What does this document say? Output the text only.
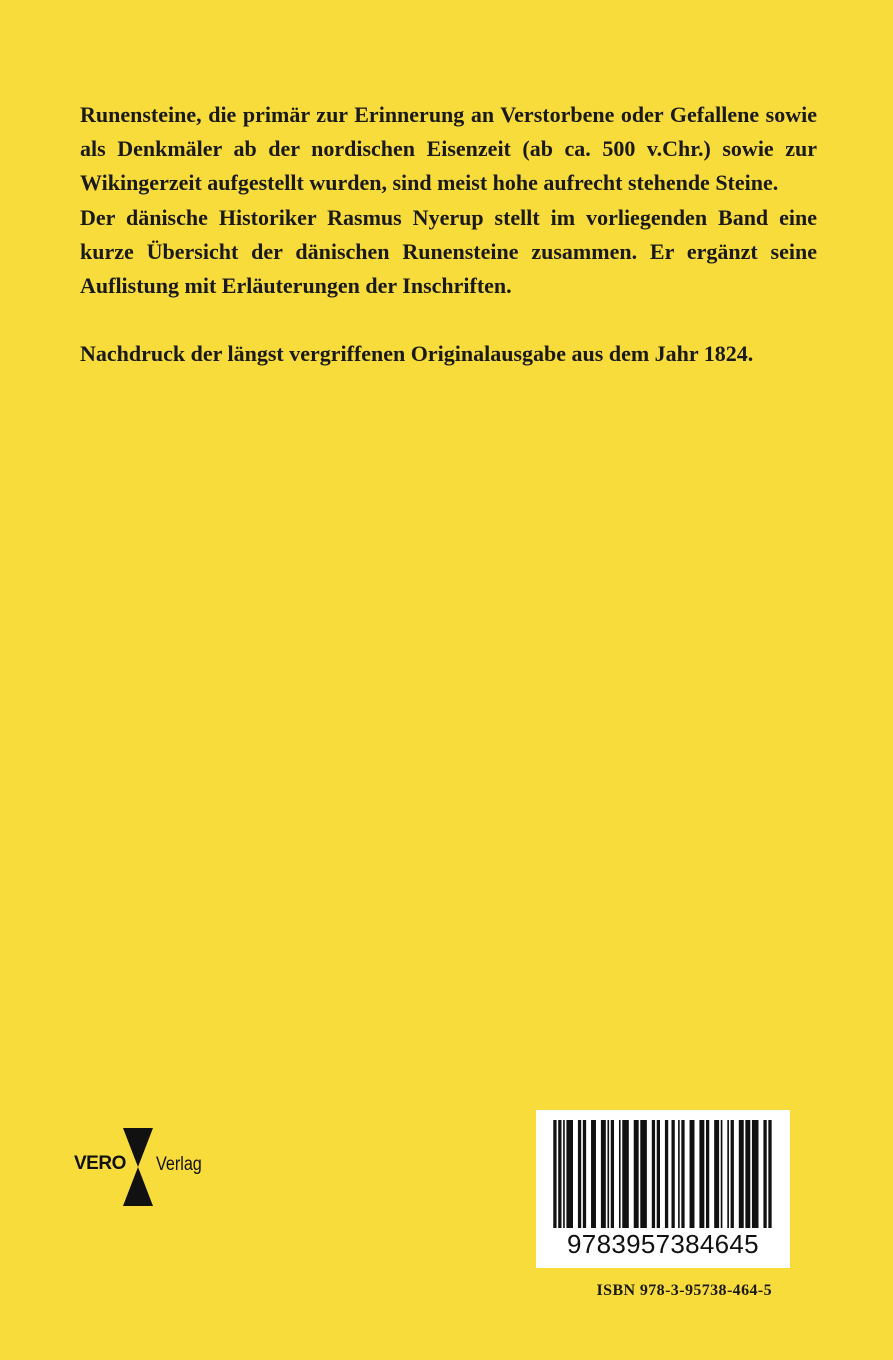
Runensteine, die primär zur Erinnerung an Verstorbene oder Gefallene sowie als Denkmäler ab der nordischen Eisenzeit (ab ca. 500 v.Chr.) sowie zur Wikingerzeit aufgestellt wurden, sind meist hohe aufrecht stehende Steine.

Der dänische Historiker Rasmus Nyerup stellt im vorliegenden Band eine kurze Übersicht der dänischen Runensteine zusammen. Er ergänzt seine Auflistung mit Erläuterungen der Inschriften.

Nachdruck der längst vergriffenen Originalausgabe aus dem Jahr 1824.

VERO Verlag
9783957384645
ISBN 978-3-95738-464-5
